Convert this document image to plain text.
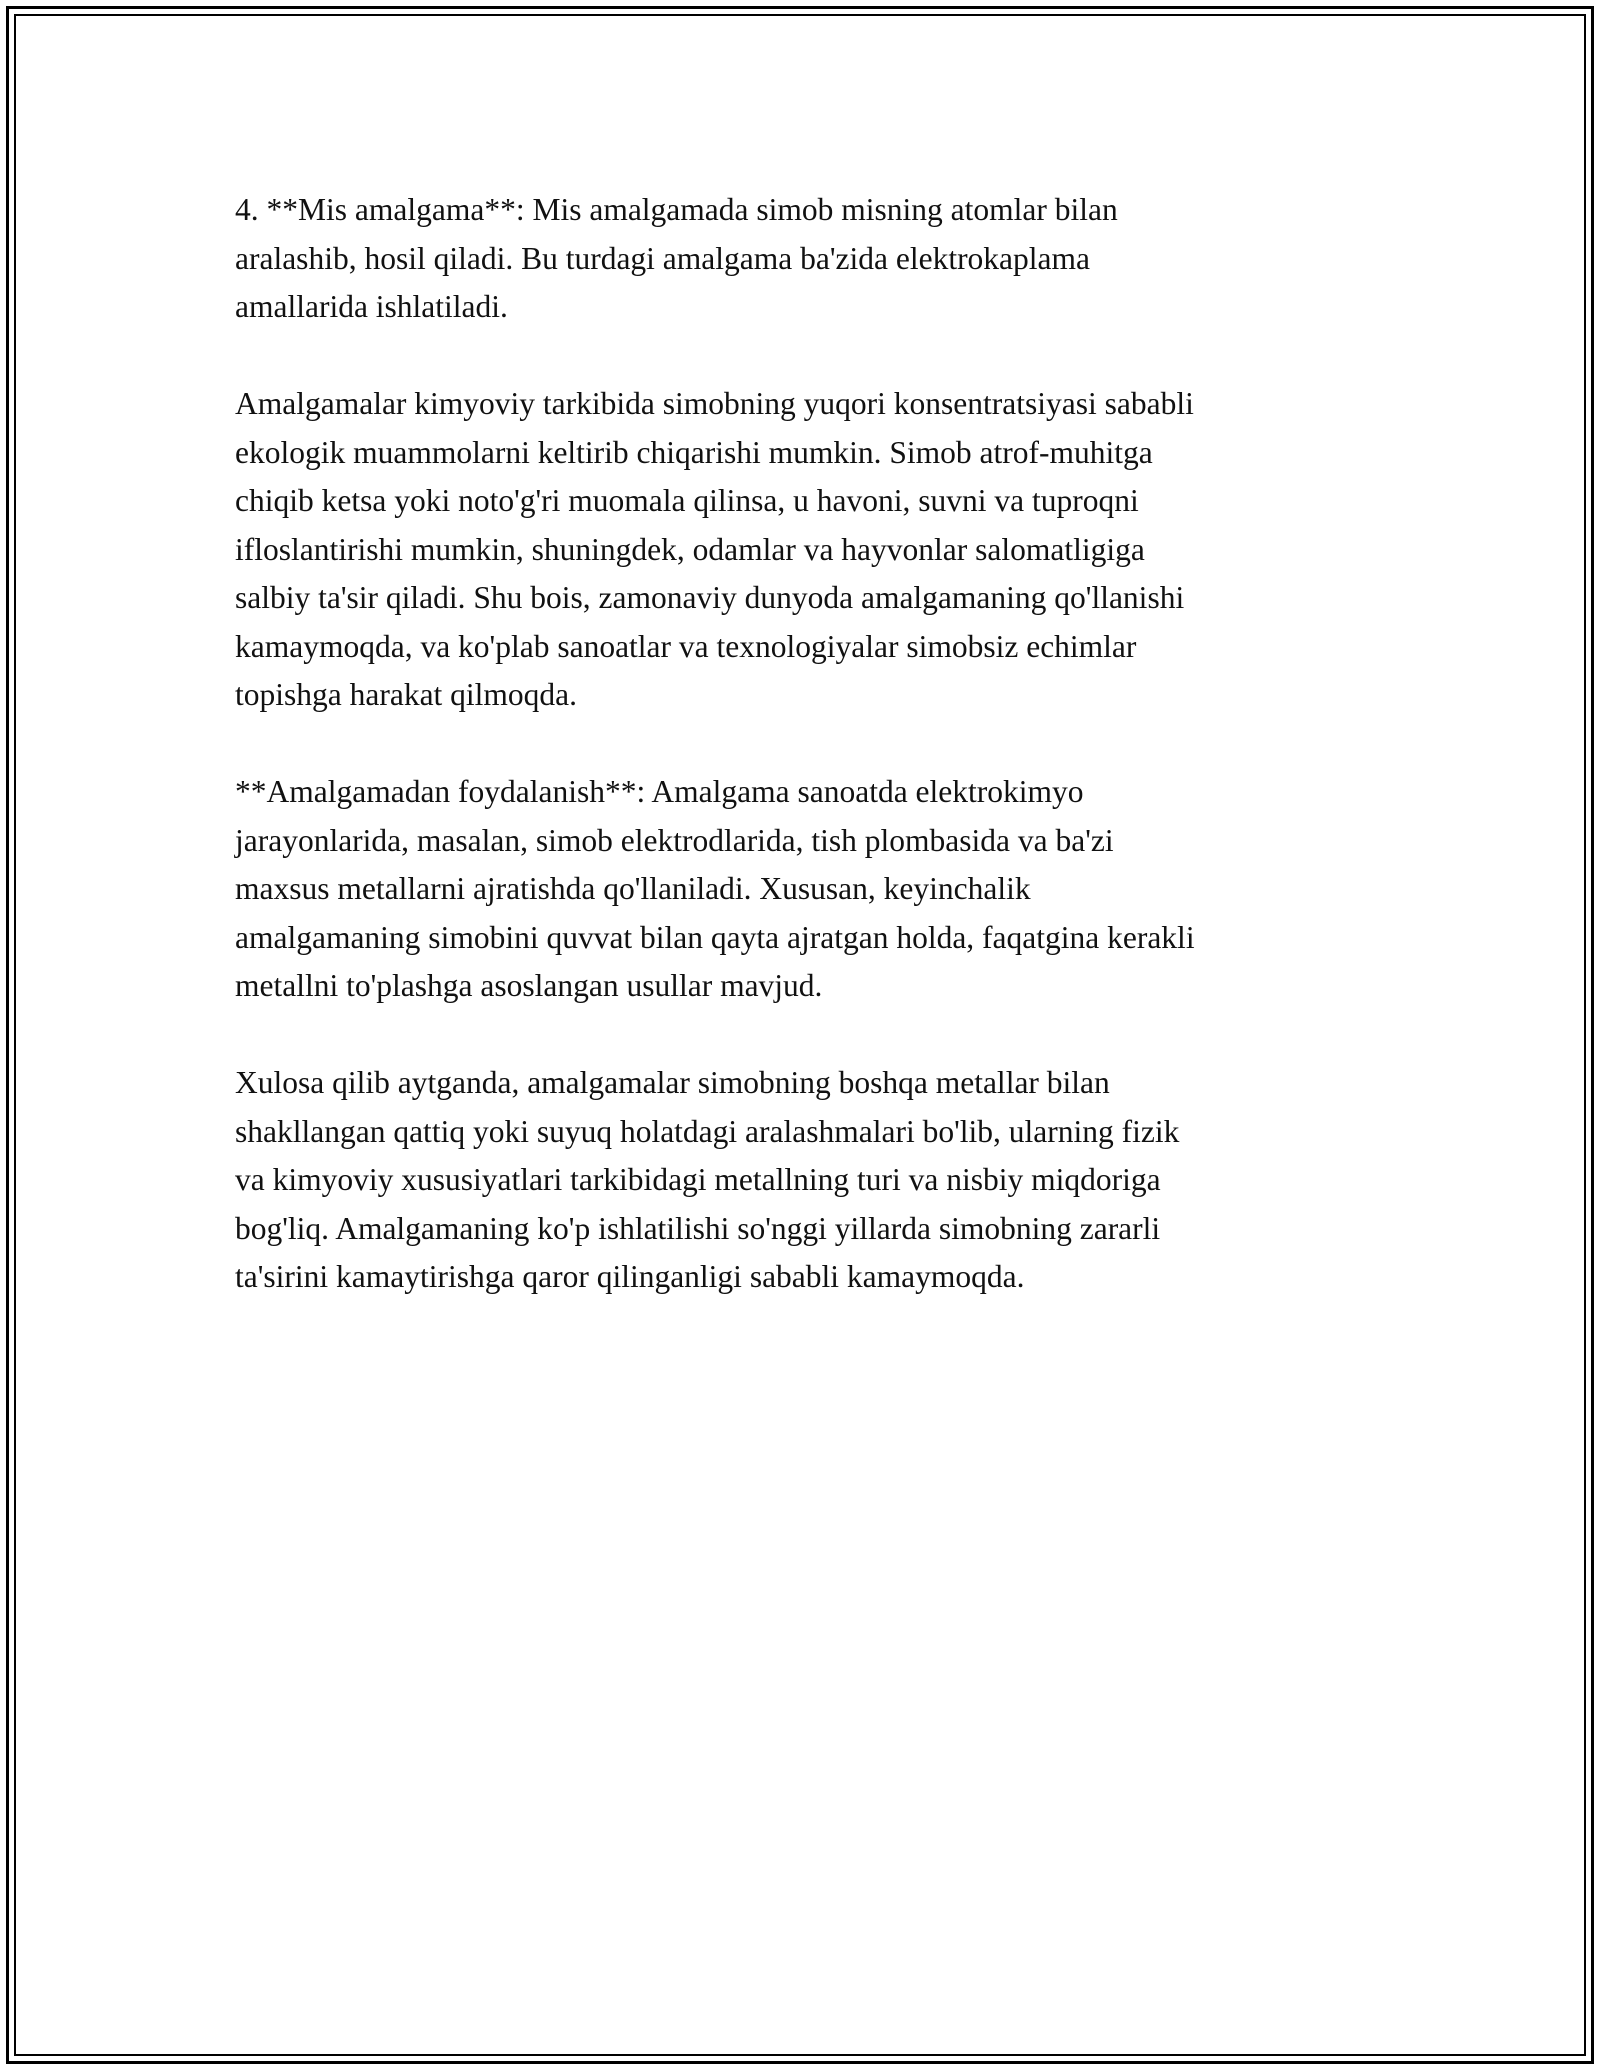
4. **Mis amalgama**: Mis amalgamada simob misning atomlar bilan
aralashib, hosil qiladi. Bu turdagi amalgama ba'zida elektrokaplama
amallarida ishlatiladi.

Amalgamalar kimyoviy tarkibida simobning yuqori konsentratsiyasi sababli
ekologik muammolarni keltirib chiqarishi mumkin. Simob atrof-muhitga
chiqib ketsa yoki noto'g'ri muomala qilinsa, u havoni, suvni va tuproqni
ifloslantirishi mumkin, shuningdek, odamlar va hayvonlar salomatligiga
salbiy ta'sir qiladi. Shu bois, zamonaviy dunyoda amalgamaning qo'llanishi
kamaymoqda, va ko'plab sanoatlar va texnologiyalar simobsiz echimlar
topishga harakat qilmoqda.

**Amalgamadan foydalanish**: Amalgama sanoatda elektrokimyo
jarayonlarida, masalan, simob elektrodlarida, tish plombasida va ba'zi
maxsus metallarni ajratishda qo'llaniladi. Xususan, keyinchalik
amalgamaning simobini quvvat bilan qayta ajratgan holda, faqatgina kerakli
metallni to'plashga asoslangan usullar mavjud.

Xulosa qilib aytganda, amalgamalar simobning boshqa metallar bilan
shakllangan qattiq yoki suyuq holatdagi aralashmalari bo'lib, ularning fizik
va kimyoviy xususiyatlari tarkibidagi metallning turi va nisbiy miqdoriga
bog'liq. Amalgamaning ko'p ishlatilishi so'nggi yillarda simobning zararli
ta'sirini kamaytirishga qaror qilinganligi sababli kamaymoqda.
